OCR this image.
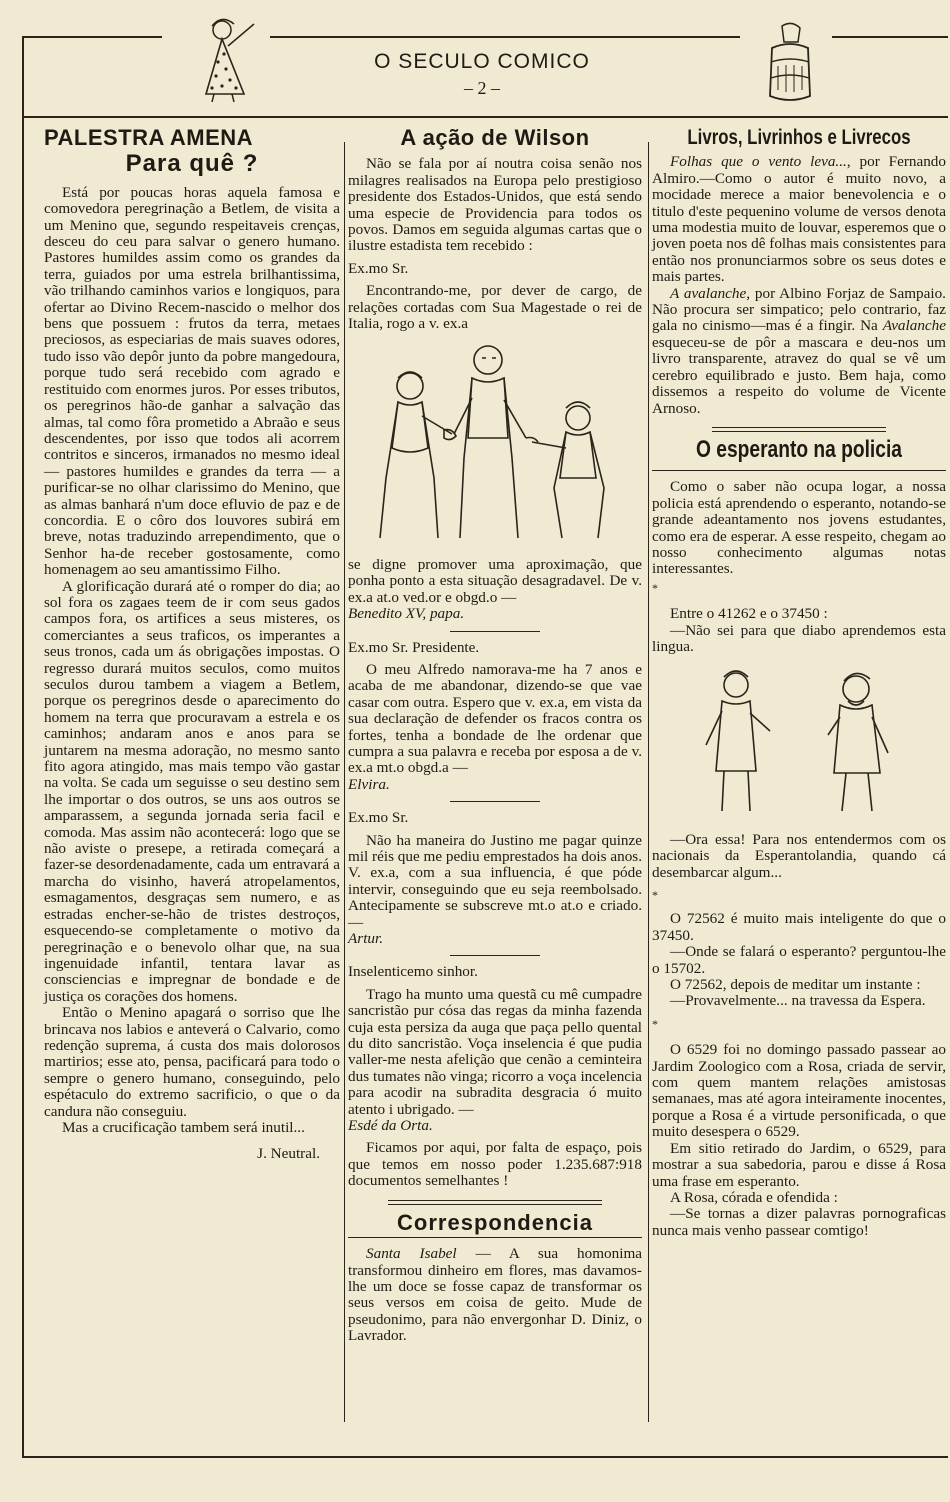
O SECULO COMICO
– 2 –
PALESTRA AMENA
Para quê ?

Está por poucas horas aquela famosa e comovedora peregrinação a Betlem, de visita a um Menino que, segundo respeitaveis crenças, desceu do ceu para salvar o genero humano. Pastores humildes assim como os grandes da terra, guiados por uma estrela brilhantissima, vão trilhando caminhos varios e longiquos, para ofertar ao Divino Recem-nascido o melhor dos bens que possuem : frutos da terra, metaes preciosos, as especiarias de mais suaves odores, tudo isso vão depôr junto da pobre mangedoura, porque tudo será recebido com agrado e restituido com enormes juros. Por esses tributos, os peregrinos hão-de ganhar a salvação das almas, tal como fôra prometido a Abraão e seus descendentes, por isso que todos ali acorrem contritos e sinceros, irmanados no mesmo ideal — pastores humildes e grandes da terra — a purificar-se no olhar clarissimo do Menino, que as almas banhará n'um doce efluvio de paz e de concordia. E o côro dos louvores subirá em breve, notas traduzindo arrependimento, que o Senhor ha-de receber gostosamente, como homenagem ao seu amantissimo Filho.

A glorificação durará até o romper do dia; ao sol fora os zagaes teem de ir com seus gados campos fora, os artifices a seus misteres, os comerciantes a seus traficos, os imperantes a seus tronos, cada um ás obrigações impostas. O regresso durará muitos seculos, como muitos seculos durou tambem a viagem a Betlem, porque os peregrinos desde o aparecimento do homem na terra que procuravam a estrela e os caminhos; andaram anos e anos para se juntarem na mesma adoração, no mesmo santo fito agora atingido, mas mais tempo vão gastar na volta. Se cada um seguisse o seu destino sem lhe importar o dos outros, se uns aos outros se amparassem, a segunda jornada seria facil e comoda. Mas assim não acontecerá: logo que se não aviste o presepe, a retirada começará a fazer-se desordenadamente, cada um entravará a marcha do visinho, haverá atropelamentos, esmagamentos, desgraças sem numero, e as estradas encher-se-hão de tristes destroços, esquecendo-se completamente o motivo da peregrinação e o benevolo olhar que, na sua ingenuidade infantil, tentara lavar as consciencias e impregnar de bondade e de justiça os corações dos homens.

Então o Menino apagará o sorriso que lhe brincava nos labios e anteverá o Calvario, como redenção suprema, á custa dos mais dolorosos martirios; esse ato, pensa, pacificará para todo o sempre o genero humano, conseguindo, pelo espétaculo do extremo sacrificio, o que o da candura não conseguiu.

Mas a crucificação tambem será inutil...

J. Neutral.

A ação de Wilson

Não se fala por aí noutra coisa senão nos milagres realisados na Europa pelo prestigioso presidente dos Estados-Unidos, que está sendo uma especie de Providencia para todos os povos. Damos em seguida algumas cartas que o ilustre estadista tem recebido :

Ex.mo Sr.

Encontrando-me, por dever de cargo, de relações cortadas com Sua Magestade o rei de Italia, rogo a v. ex.a

se digne promover uma aproximação, que ponha ponto a esta situação desagradavel. De v. ex.a at.o ved.or e obgd.o —

Benedito XV, papa.

Ex.mo Sr. Presidente.

O meu Alfredo namorava-me ha 7 anos e acaba de me abandonar, dizendo-se que vae casar com outra. Espero que v. ex.a, em vista da sua declaração de defender os fracos contra os fortes, tenha a bondade de lhe ordenar que cumpra a sua palavra e receba por esposa a de v. ex.a mt.o obgd.a —

Elvira.

Ex.mo Sr.

Não ha maneira do Justino me pagar quinze mil réis que me pediu emprestados ha dois anos. V. ex.a, com a sua influencia, é que póde intervir, conseguindo que eu seja reembolsado. Antecipamente se subscreve mt.o at.o e criado. —

Artur.

Inselenticemo sinhor.

Trago ha munto uma questã cu mê cumpadre sancristão pur cósa das regas da minha fazenda cuja esta persiza da auga que paça pello quental du dito sancristão. Voça inselencia é que pudia valler-me nesta afelição que cenão a ceminteira dus tumates não vinga; ricorro a voça incelencia para acodir na subradita desgracia ó muito atento i ubrigado. —

Esdé da Orta.

Ficamos por aqui, por falta de espaço, pois que temos em nosso poder 1.235.687:918 documentos semelhantes !

Correspondencia

Santa Isabel — A sua homonima transformou dinheiro em flores, mas davamos-lhe um doce se fosse capaz de transformar os seus versos em coisa de geito. Mude de pseudonimo, para não envergonhar D. Diniz, o Lavrador.

Livros, Livrinhos e Livrecos

Folhas que o vento leva..., por Fernando Almiro.—Como o autor é muito novo, a mocidade merece a maior benevolencia e o titulo d'este pequenino volume de versos denota uma modestia muito de louvar, esperemos que o joven poeta nos dê folhas mais consistentes para então nos pronunciarmos sobre os seus dotes e mais partes.

A avalanche, por Albino Forjaz de Sampaio. Não procura ser simpatico; pelo contrario, faz gala no cinismo—mas é a fingir. Na Avalanche esqueceu-se de pôr a mascara e deu-nos um livro transparente, atravez do qual se vê um cerebro equilibrado e justo. Bem haja, como dissemos a respeito do volume de Vicente Arnoso.

O esperanto na policia

Como o saber não ocupa logar, a nossa policia está aprendendo o esperanto, notando-se grande adeantamento nos jovens estudantes, como era de esperar. A esse respeito, chegam ao nosso conhecimento algumas notas interessantes.

*

Entre o 41262 e o 37450 :

—Não sei para que diabo aprendemos esta lingua.

—Ora essa! Para nos entendermos com os nacionais da Esperantolandia, quando cá desembarcar algum...

*

O 72562 é muito mais inteligente do que o 37450.

—Onde se falará o esperanto? perguntou-lhe o 15702.

O 72562, depois de meditar um instante :

—Provavelmente... na travessa da Espera.

*

O 6529 foi no domingo passado passear ao Jardim Zoologico com a Rosa, criada de servir, com quem mantem relações amistosas semanaes, mas até agora inteiramente inocentes, porque a Rosa é a virtude personificada, o que muito desespera o 6529.

Em sitio retirado do Jardim, o 6529, para mostrar a sua sabedoria, parou e disse á Rosa uma frase em esperanto.

A Rosa, córada e ofendida :

—Se tornas a dizer palavras pornograficas nunca mais venho passear comtigo!
